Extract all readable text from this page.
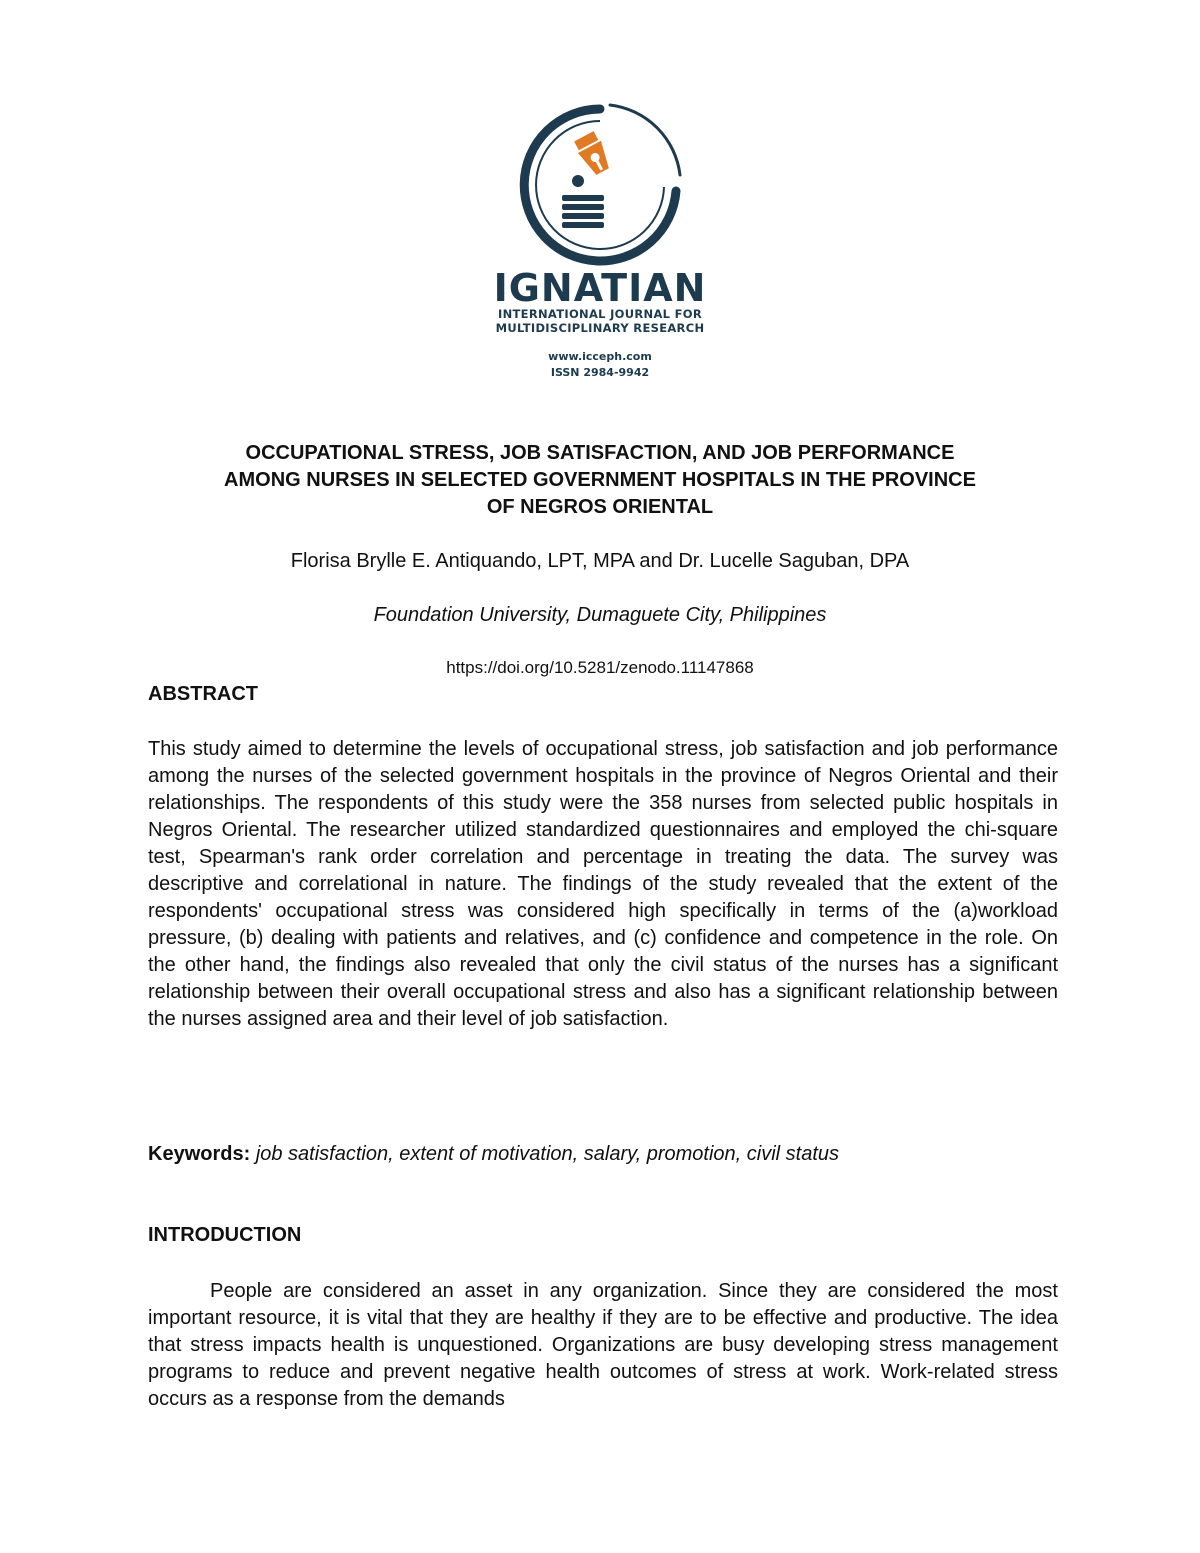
IGNATIAN
INTERNATIONAL JOURNAL FOR
MULTIDISCIPLINARY RESEARCH
www.icceph.com
ISSN 2984-9942
OCCUPATIONAL STRESS, JOB SATISFACTION, AND JOB PERFORMANCE
AMONG NURSES IN SELECTED GOVERNMENT HOSPITALS IN THE PROVINCE
OF NEGROS ORIENTAL
Florisa Brylle E. Antiquando, LPT, MPA and Dr. Lucelle Saguban, DPA
Foundation University, Dumaguete City, Philippines
https://doi.org/10.5281/zenodo.11147868
ABSTRACT

This study aimed to determine the levels of occupational stress, job satisfaction and job performance among the nurses of the selected government hospitals in the province of Negros Oriental and their relationships. The respondents of this study were the 358 nurses from selected public hospitals in Negros Oriental. The researcher utilized standardized questionnaires and employed the chi-square test, Spearman's rank order correlation and percentage in treating the data. The survey was descriptive and correlational in nature. The findings of the study revealed that the extent of the respondents' occupational stress was considered high specifically in terms of the (a)workload pressure, (b) dealing with patients and relatives, and (c) confidence and competence in the role. On the other hand, the findings also revealed that only the civil status of the nurses has a significant relationship between their overall occupational stress and also has a significant relationship between the nurses assigned area and their level of job satisfaction.

Keywords: job satisfaction, extent of motivation, salary, promotion, civil status
INTRODUCTION

People are considered an asset in any organization. Since they are considered the most important resource, it is vital that they are healthy if they are to be effective and productive. The idea that stress impacts health is unquestioned. Organizations are busy developing stress management programs to reduce and prevent negative health outcomes of stress at work. Work-related stress occurs as a response from the demands
